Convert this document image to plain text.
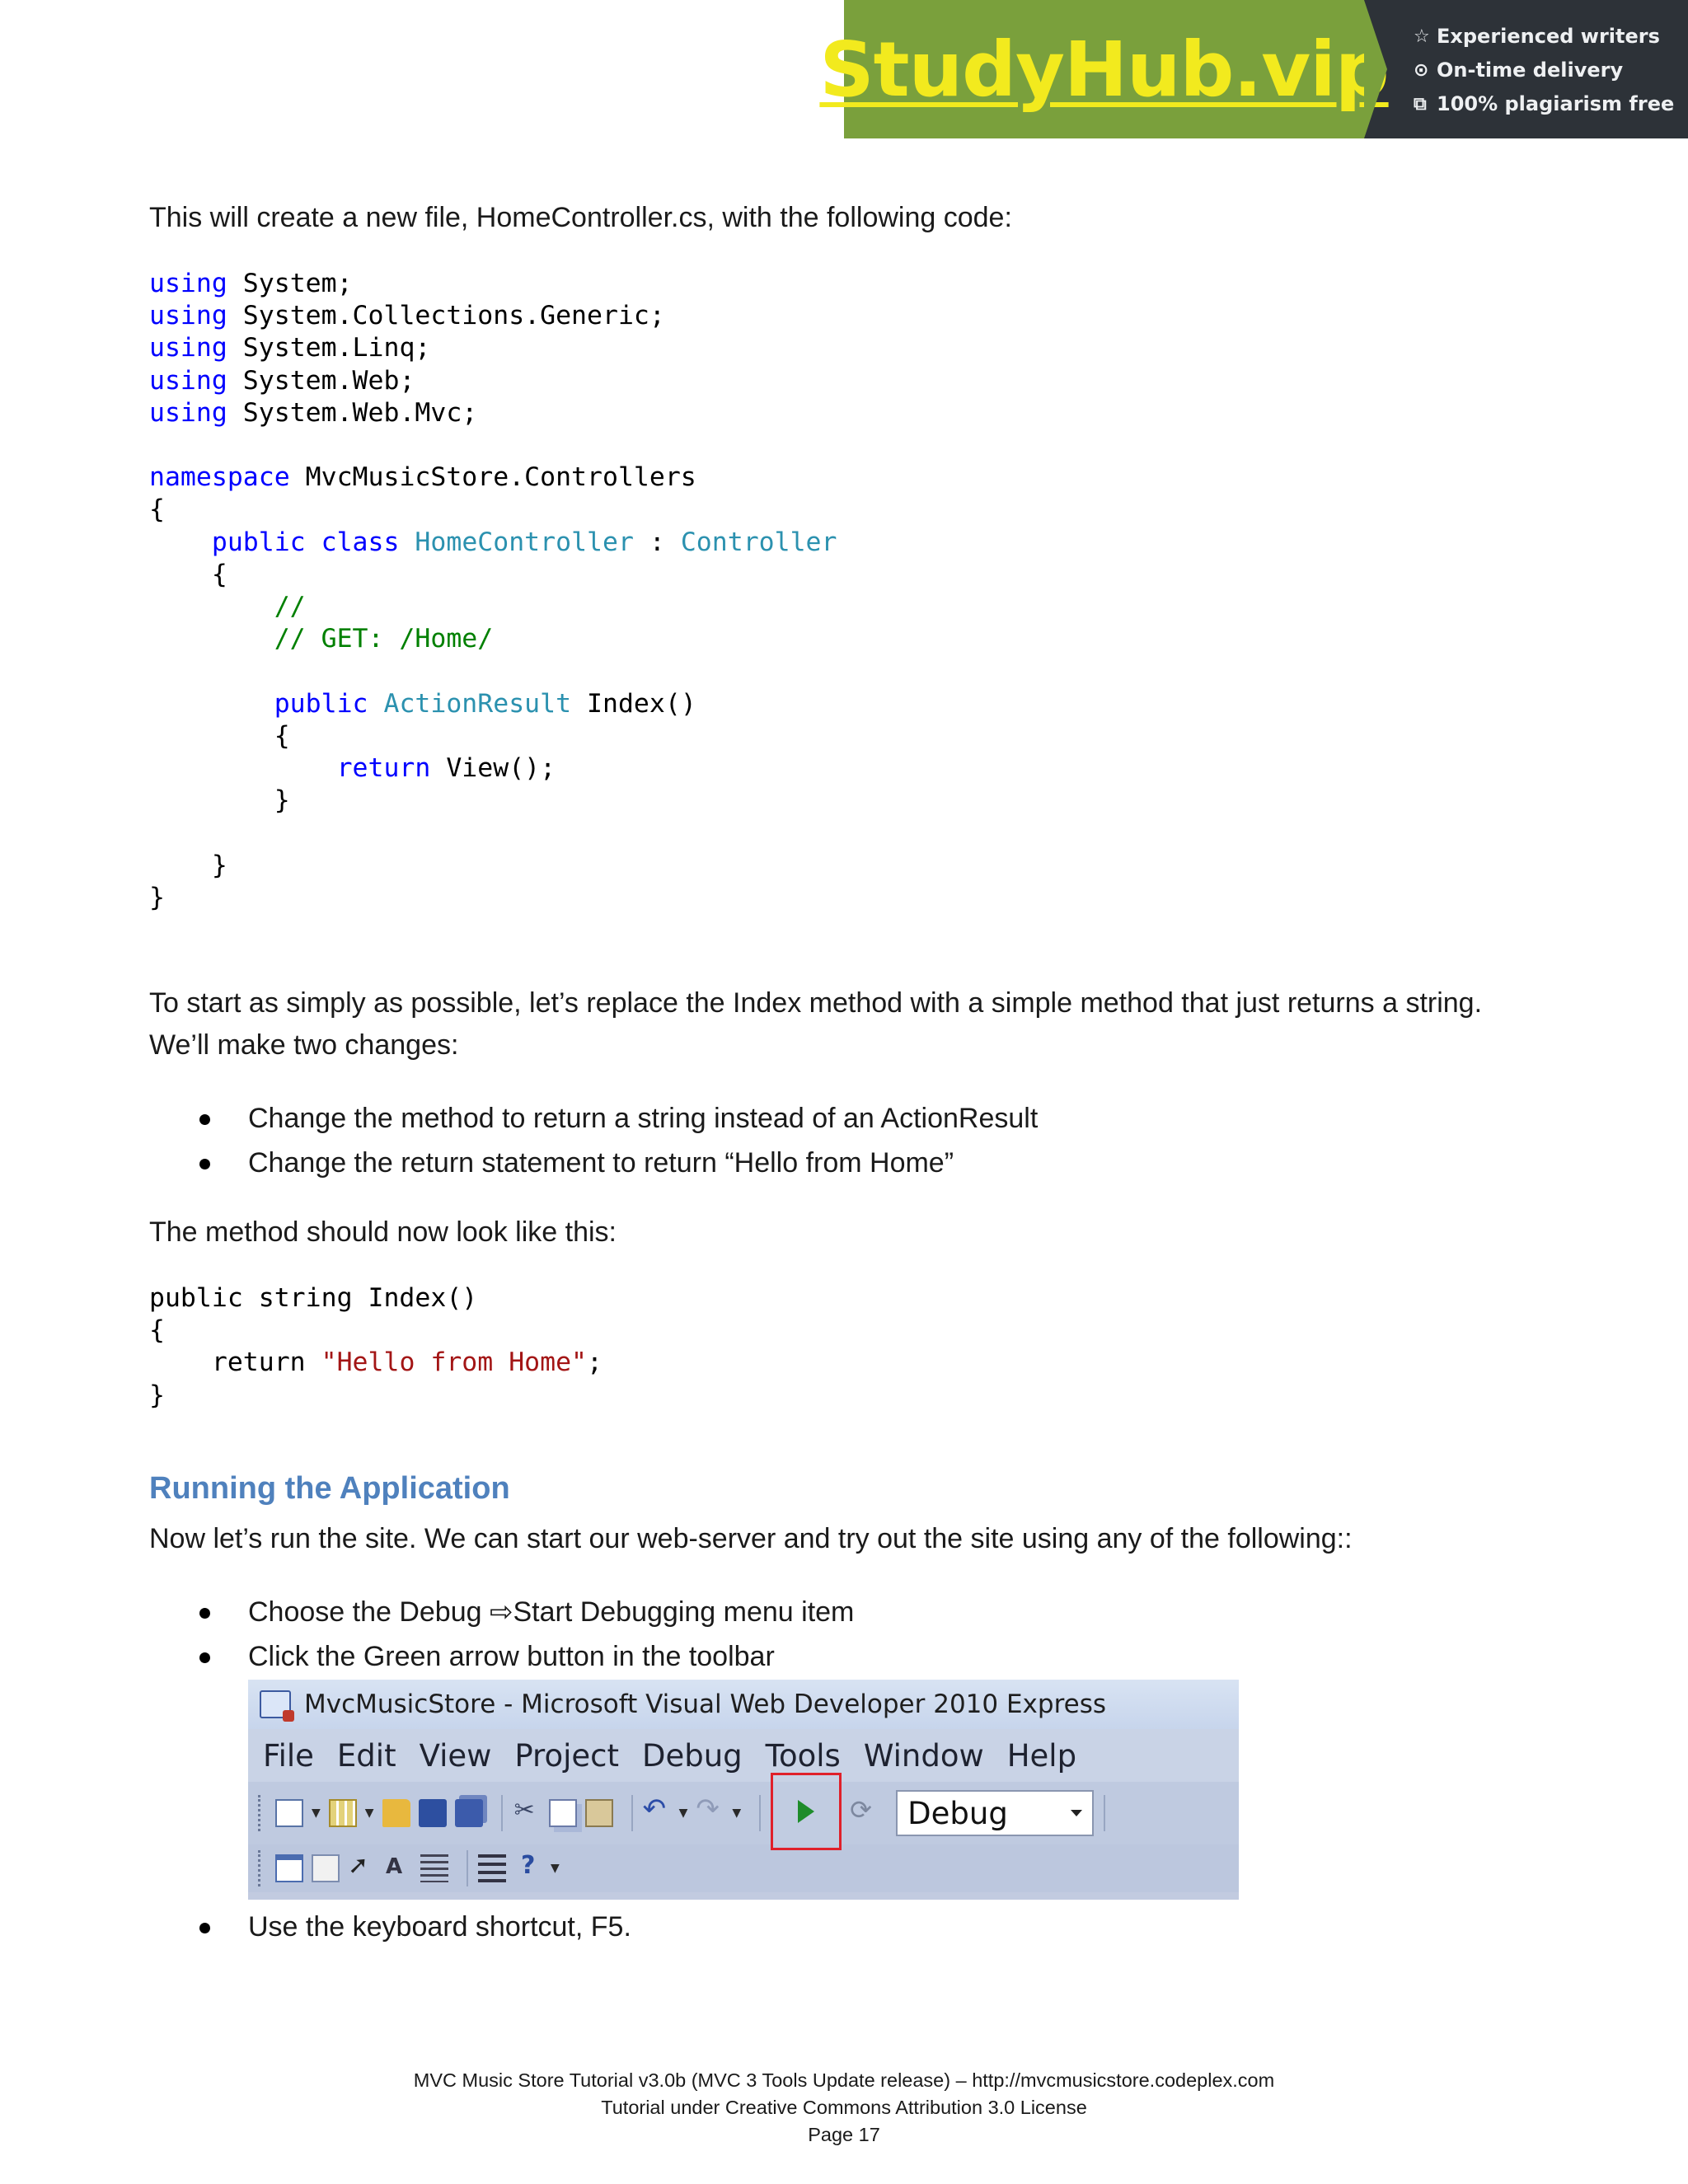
StudyHub.vip ☆ Experienced writers
⊙ On-time delivery
⧉ 100% plagiarism free

This will create a new file, HomeController.cs, with the following code:

using System;
using System.Collections.Generic;
using System.Linq;
using System.Web;
using System.Web.Mvc;

namespace MvcMusicStore.Controllers
{
public class HomeController : Controller
{
//
// GET: /Home/

public ActionResult Index()
{
return View();
}

}
}

To start as simply as possible, let’s replace the Index method with a simple method that just returns a string.

We’ll make two changes:

Change the method to return a string instead of an ActionResult
Change the return statement to return “Hello from Home”

The method should now look like this:

public string Index()
{
return "Hello from Home";
}
Running the Application

Now let’s run the site. We can start our web-server and try out the site using any of the following::

Choose the Debug ⇨Start Debugging menu item
Click the Green arrow button in the toolbar
MvcMusicStore - Microsoft Visual Web Developer 2010 Express
File Edit View Project Debug Tools Window Help
▼	▼ ✂ ↶	▼ ↷	▼ ⟳	Debug
➚
A
?
▼
Use the keyboard shortcut, F5.
MVC Music Store Tutorial v3.0b (MVC 3 Tools Update release) – http://mvcmusicstore.codeplex.com
Tutorial under Creative Commons Attribution 3.0 License
Page 17
